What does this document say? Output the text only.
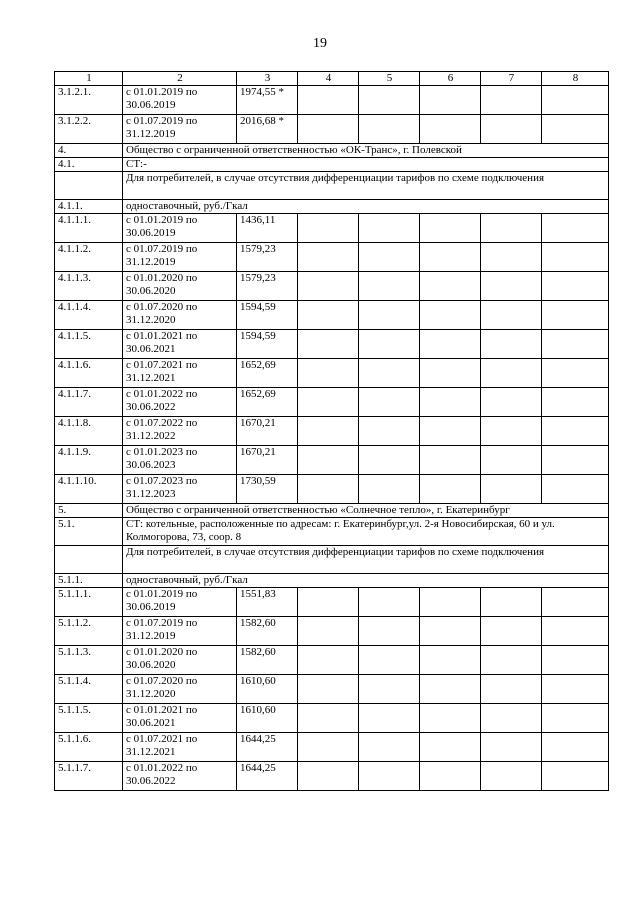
19
1	2	3	4	5	6	7	8
3.1.2.1.	с 01.01.2019 по 30.06.2019	1974,55 *					
3.1.2.2.	с 01.07.2019 по 31.12.2019	2016,68 *					
4.	Общество с ограниченной ответственностью «ОК-Транс», г. Полевской						
4.1.	СТ:-						
	Для потребителей, в случае отсутствия дифференциации тарифов по схеме подключения						
4.1.1.	одноставочный, руб./Гкал						
4.1.1.1.	с 01.01.2019 по 30.06.2019	1436,11					
4.1.1.2.	с 01.07.2019 по 31.12.2019	1579,23					
4.1.1.3.	с 01.01.2020 по 30.06.2020	1579,23					
4.1.1.4.	с 01.07.2020 по 31.12.2020	1594,59					
4.1.1.5.	с 01.01.2021 по 30.06.2021	1594,59					
4.1.1.6.	с 01.07.2021 по 31.12.2021	1652,69					
4.1.1.7.	с 01.01.2022 по 30.06.2022	1652,69					
4.1.1.8.	с 01.07.2022 по 31.12.2022	1670,21					
4.1.1.9.	с 01.01.2023 по 30.06.2023	1670,21					
4.1.1.10.	с 01.07.2023 по 31.12.2023	1730,59					
5.	Общество с ограниченной ответственностью «Солнечное тепло», г. Екатеринбург						
5.1.	СТ: котельные, расположенные по адресам: г. Екатеринбург,ул. 2-я Новосибирская, 60 и ул. Колмогорова, 73, соор. 8						
	Для потребителей, в случае отсутствия дифференциации тарифов по схеме подключения						
5.1.1.	одноставочный, руб./Гкал						
5.1.1.1.	с 01.01.2019 по 30.06.2019	1551,83					
5.1.1.2.	с 01.07.2019 по 31.12.2019	1582,60					
5.1.1.3.	с 01.01.2020 по 30.06.2020	1582,60					
5.1.1.4.	с 01.07.2020 по 31.12.2020	1610,60					
5.1.1.5.	с 01.01.2021 по 30.06.2021	1610,60					
5.1.1.6.	с 01.07.2021 по 31.12.2021	1644,25					
5.1.1.7.	с 01.01.2022 по 30.06.2022	1644,25					
